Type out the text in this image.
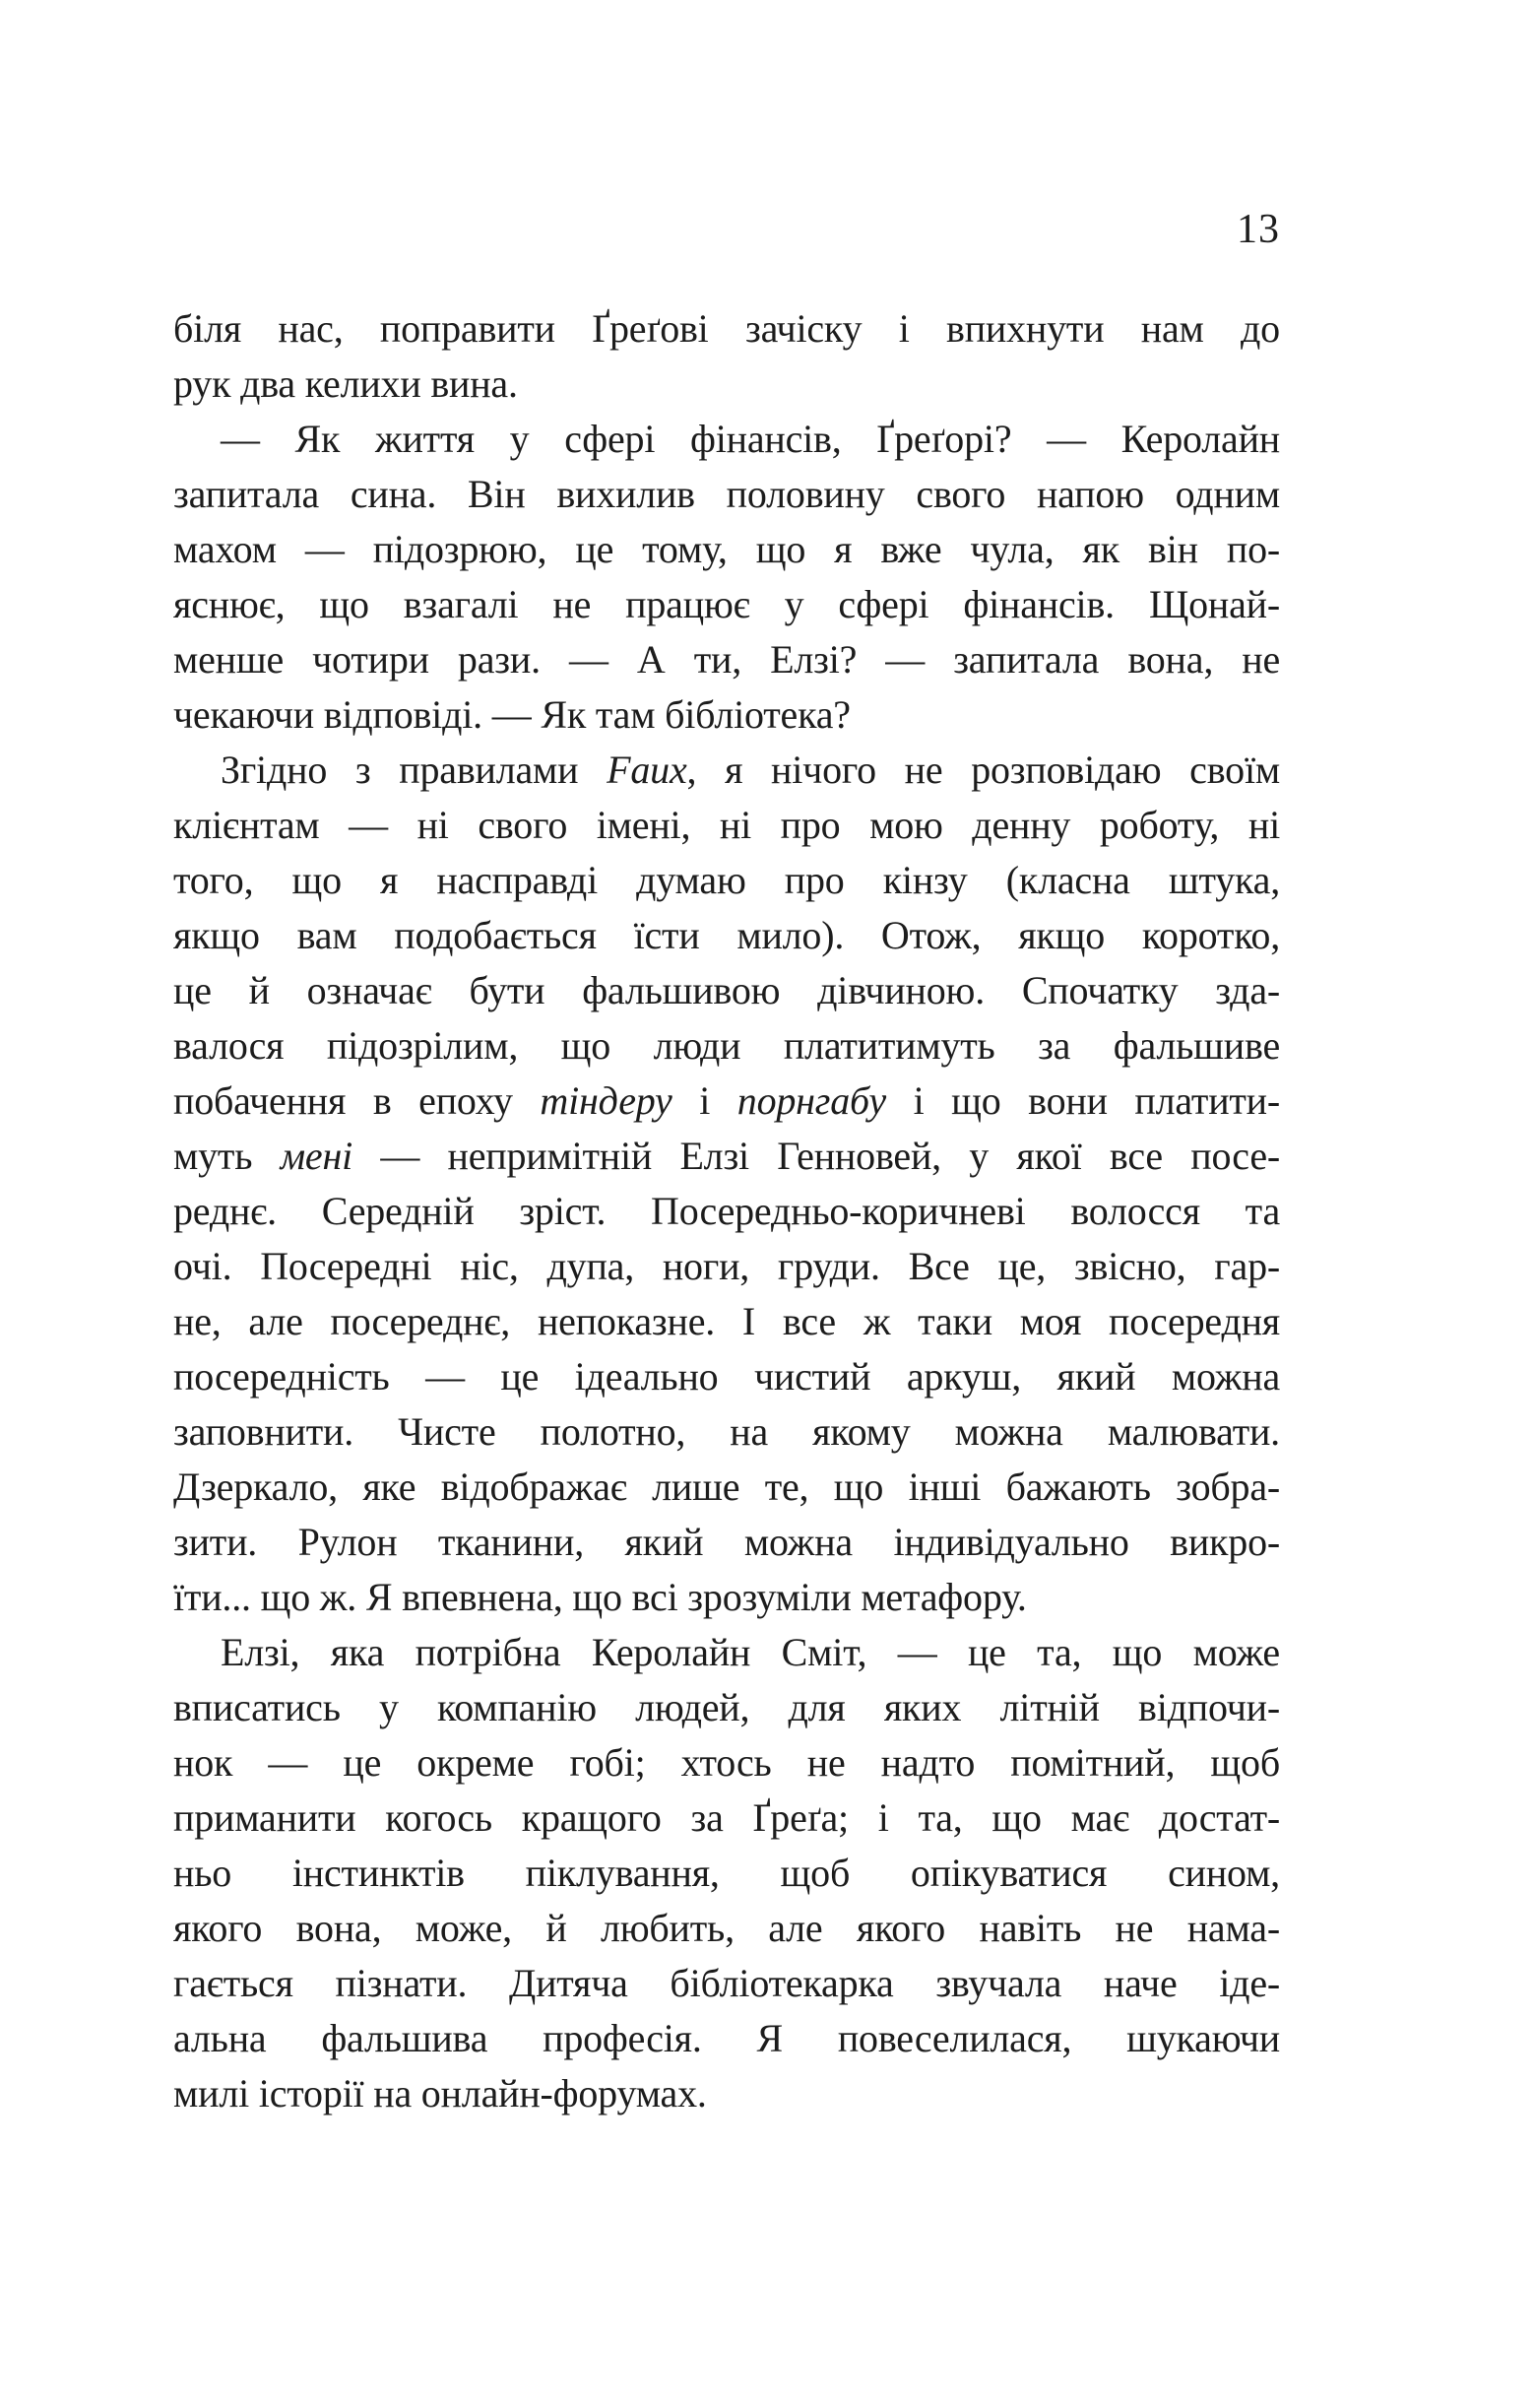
13
біля нас, поправити Ґреґові зачіску і впихнути нам до
рук два келихи вина.
— Як життя у сфері фінансів, Ґреґорі? — Керолайн
запитала сина. Він вихилив половину свого напою одним
махом — підозрюю, це тому, що я вже чула, як він по-
яснює, що взагалі не працює у сфері фінансів. Щонай-
менше чотири рази. — А ти, Елзі? — запитала вона, не
чекаючи відповіді. — Як там бібліотека?
Згідно з правилами Faux, я нічого не розповідаю своїм
клієнтам — ні свого імені, ні про мою денну роботу, ні
того, що я насправді думаю про кінзу (класна штука,
якщо вам подобається їсти мило). Отож, якщо коротко,
це й означає бути фальшивою дівчиною. Спочатку зда-
валося підозрілим, що люди платитимуть за фальшиве
побачення в епоху тіндеру і порнгабу і що вони платити-
муть мені — непримітній Елзі Генновей, у якої все посе-
реднє. Середній зріст. Посередньо-коричневі волосся та
очі. Посередні ніс, дупа, ноги, груди. Все це, звісно, гар-
не, але посереднє, непоказне. І все ж таки моя посередня
посередність — це ідеально чистий аркуш, який можна
заповнити. Чисте полотно, на якому можна малювати.
Дзеркало, яке відображає лише те, що інші бажають зобра-
зити. Рулон тканини, який можна індивідуально викро-
їти... що ж. Я впевнена, що всі зрозуміли метафору.
Елзі, яка потрібна Керолайн Сміт, — це та, що може
вписатись у компанію людей, для яких літній відпочи-
нок — це окреме гобі; хтось не надто помітний, щоб
приманити когось кращого за Ґреґа; і та, що має достат-
ньо інстинктів піклування, щоб опікуватися сином,
якого вона, може, й любить, але якого навіть не нама-
гається пізнати. Дитяча бібліотекарка звучала наче іде-
альна фальшива професія. Я повеселилася, шукаючи
милі історії на онлайн-форумах.
